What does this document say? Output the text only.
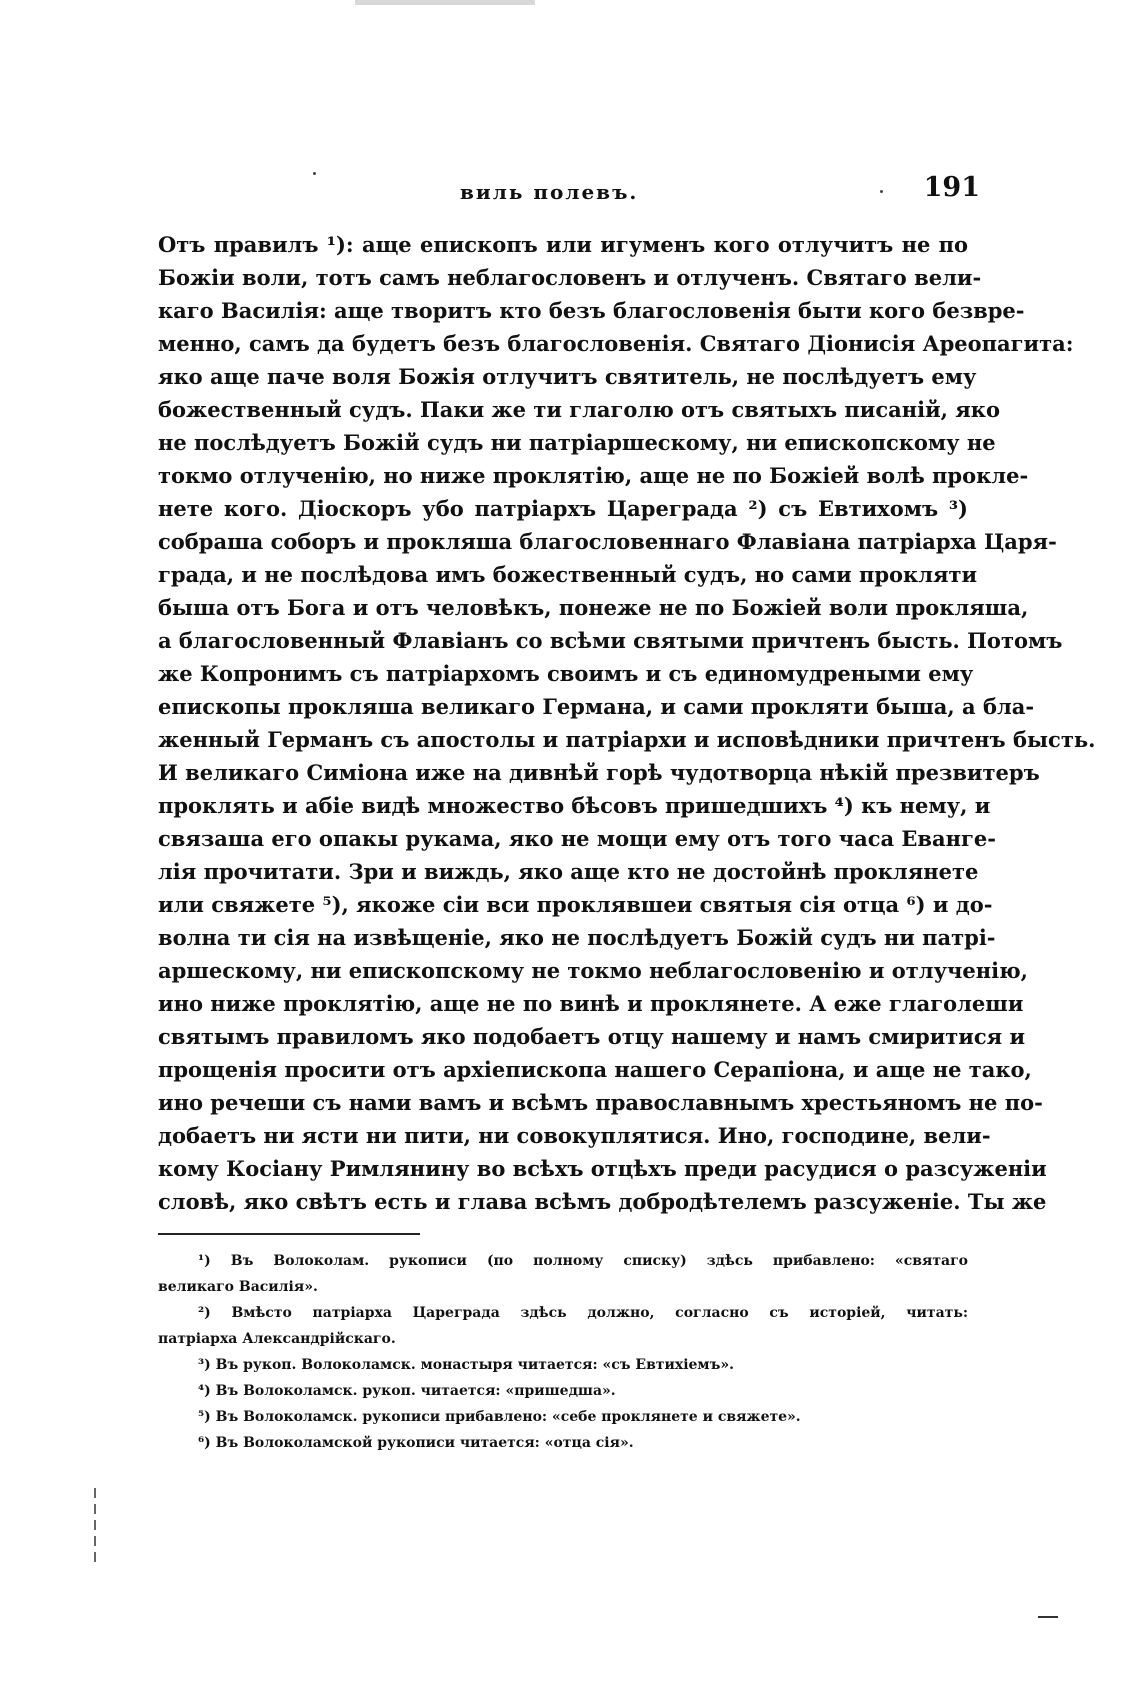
виль полевъ.	191
Отъ правилъ ¹): аще епископъ или игуменъ кого отлучитъ не по
Божіи воли, тотъ самъ неблагословенъ и отлученъ. Святаго вели-
каго Василія: аще творитъ кто безъ благословенія быти кого безвре-
менно, самъ да будетъ безъ благословенія. Святаго Діонисія Ареопагита:
яко аще паче воля Божія отлучитъ святитель, не послѣдуетъ ему
божественный судъ. Паки же ти глаголю отъ святыхъ писаній, яко
не послѣдуетъ Божій судъ ни патріаршескому, ни епископскому не
токмо отлученію, но ниже проклятію, аще не по Божіей волѣ прокле-
нете кого. Діоскоръ убо патріархъ Цареграда ²) съ Евтихомъ ³)
собраша соборъ и прокляша благословеннаго Флавіана патріарха Царя-
града, и не послѣдова имъ божественный судъ, но сами прокляти
быша отъ Бога и отъ человѣкъ, понеже не по Божіей воли прокляша,
а благословенный Флавіанъ со всѣми святыми причтенъ бысть. Потомъ
же Копронимъ съ патріархомъ своимъ и съ единомудреными ему
епископы прокляша великаго Германа, и сами прокляти быша, а бла-
женный Германъ съ апостолы и патріархи и исповѣдники причтенъ бысть.
И великаго Симіона иже на дивнѣй горѣ чудотворца нѣкій презвитеръ
проклять и абіе видѣ множество бѣсовъ пришедшихъ ⁴) къ нему, и
связаша его опакы рукама, яко не мощи ему отъ того часа Еванге-
лія прочитати. Зри и виждь, яко аще кто не достойнѣ проклянете
или свяжете ⁵), якоже сіи вси проклявшеи святыя сія отца ⁶) и до-
волна ти сія на извѣщеніе, яко не послѣдуетъ Божій судъ ни патрі-
аршескому, ни епископскому не токмо неблагословенію и отлученію,
ино ниже проклятію, аще не по винѣ и проклянете. А еже глаголеши
святымъ правиломъ яко подобаетъ отцу нашему и намъ смиритися и
прощенія просити отъ архіепископа нашего Серапіона, и аще не тако,
ино речеши съ нами вамъ и всѣмъ православнымъ хрестьяномъ не по-
добаетъ ни ясти ни пити, ни совокуплятися. Ино, господине, вели-
кому Косіану Римлянину во всѣхъ отцѣхъ преди расудися о разсуженіи
словѣ, яко свѣтъ есть и глава всѣмъ добродѣтелемъ разсуженіе. Ты же
¹) Въ Волоколам. рукописи (по полному списку) здѣсь прибавлено: «святаго
великаго Василія».
²) Вмѣсто патріарха Цареграда здѣсь должно, согласно съ исторіей, читать:
патріарха Александрійскаго.
³) Въ рукоп. Волоколамск. монастыря читается: «съ Евтихіемъ».
⁴) Въ Волоколамск. рукоп. читается: «пришедша».
⁵) Въ Волоколамск. рукописи прибавлено: «себе проклянете и свяжете».
⁶) Въ Волоколамской рукописи читается: «отца сія».
